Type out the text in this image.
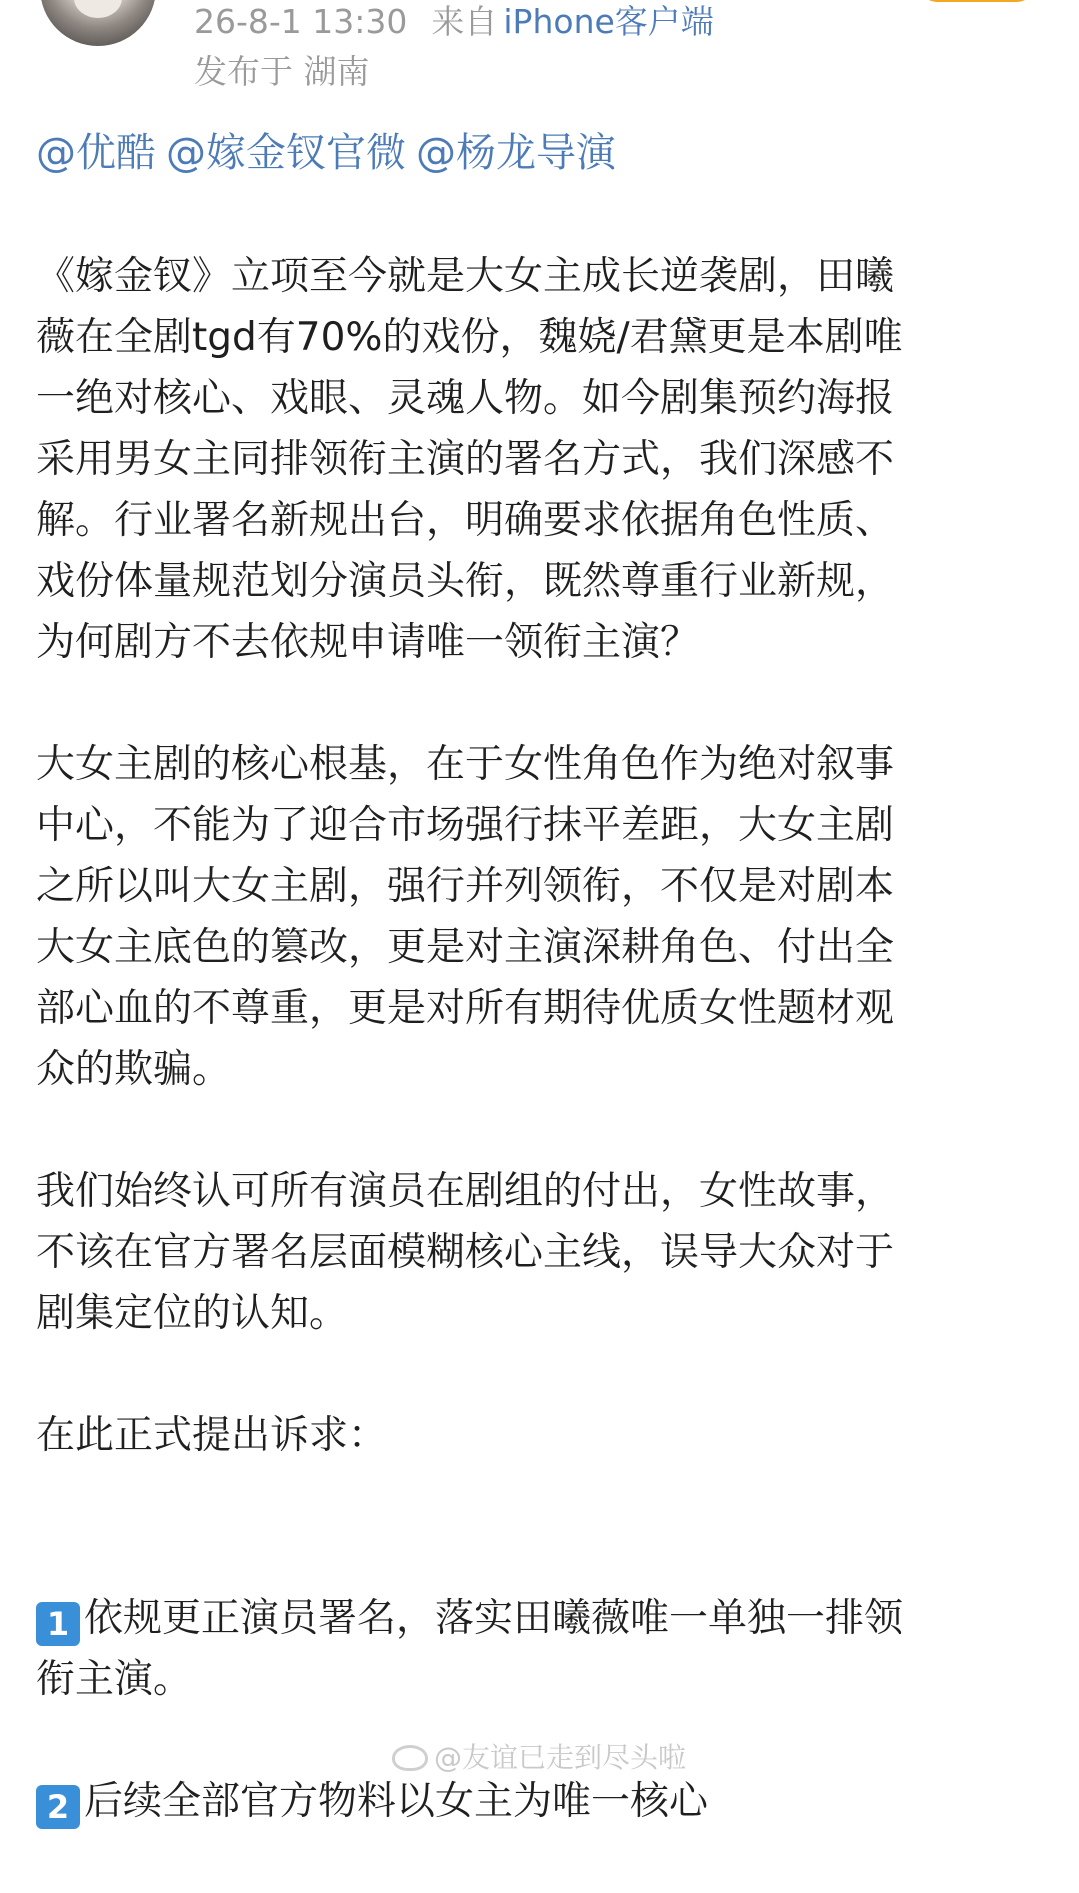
26-8-1 13:30 来自 iPhone客户端
发布于 湖南
@优酷 @嫁金钗官微 @杨龙导演

《嫁金钗》立项至今就是大女主成长逆袭剧，田曦
薇在全剧tgd有70%的戏份，魏娆/君黛更是本剧唯
一绝对核心、戏眼、灵魂人物。如今剧集预约海报
采用男女主同排领衔主演的署名方式，我们深感不
解。行业署名新规出台，明确要求依据角色性质、
戏份体量规范划分演员头衔，既然尊重行业新规，
为何剧方不去依规申请唯一领衔主演？

大女主剧的核心根基，在于女性角色作为绝对叙事
中心，不能为了迎合市场强行抹平差距，大女主剧
之所以叫大女主剧，强行并列领衔，不仅是对剧本
大女主底色的篡改，更是对主演深耕角色、付出全
部心血的不尊重，更是对所有期待优质女性题材观
众的欺骗。

我们始终认可所有演员在剧组的付出，女性故事，
不该在官方署名层面模糊核心主线，误导大众对于
剧集定位的认知。

在此正式提出诉求：

1 依规更正演员署名，落实田曦薇唯一单独一排领
衔主演。

2 后续全部官方物料以女主为唯一核心

@友谊已走到尽头啦
